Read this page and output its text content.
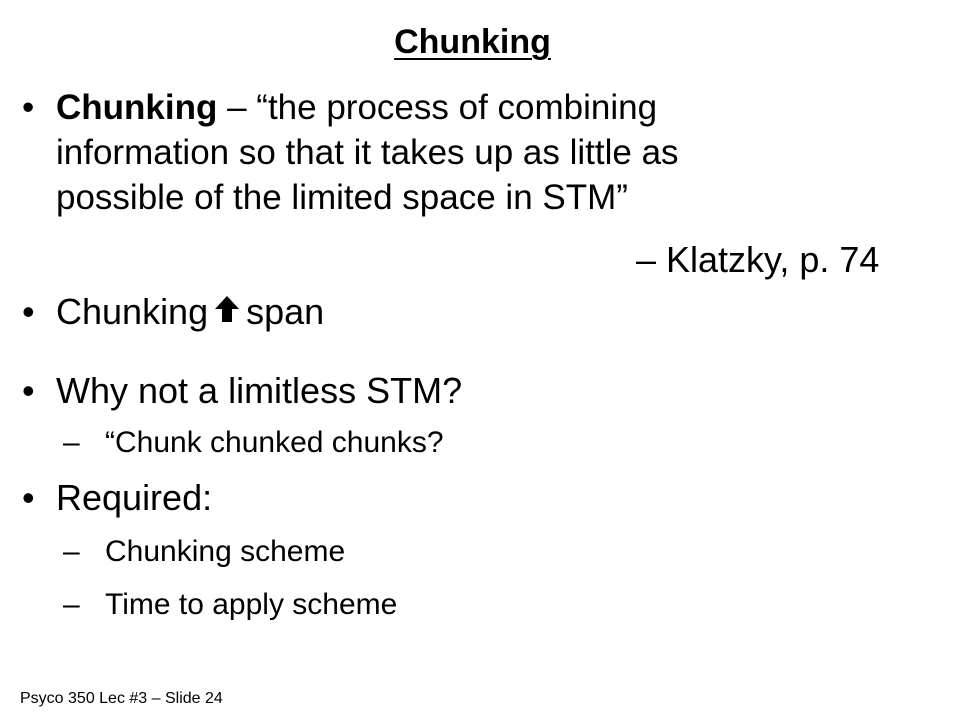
Chunking
• Chunking – “the process of combining
information so that it takes up as little as
possible of the limited space in STM”
– Klatzky, p. 74
• Chunking span
• Why not a limitless STM?
– “Chunk chunked chunks?
• Required:
– Chunking scheme
– Time to apply scheme
Psyco 350 Lec #3 – Slide 24
